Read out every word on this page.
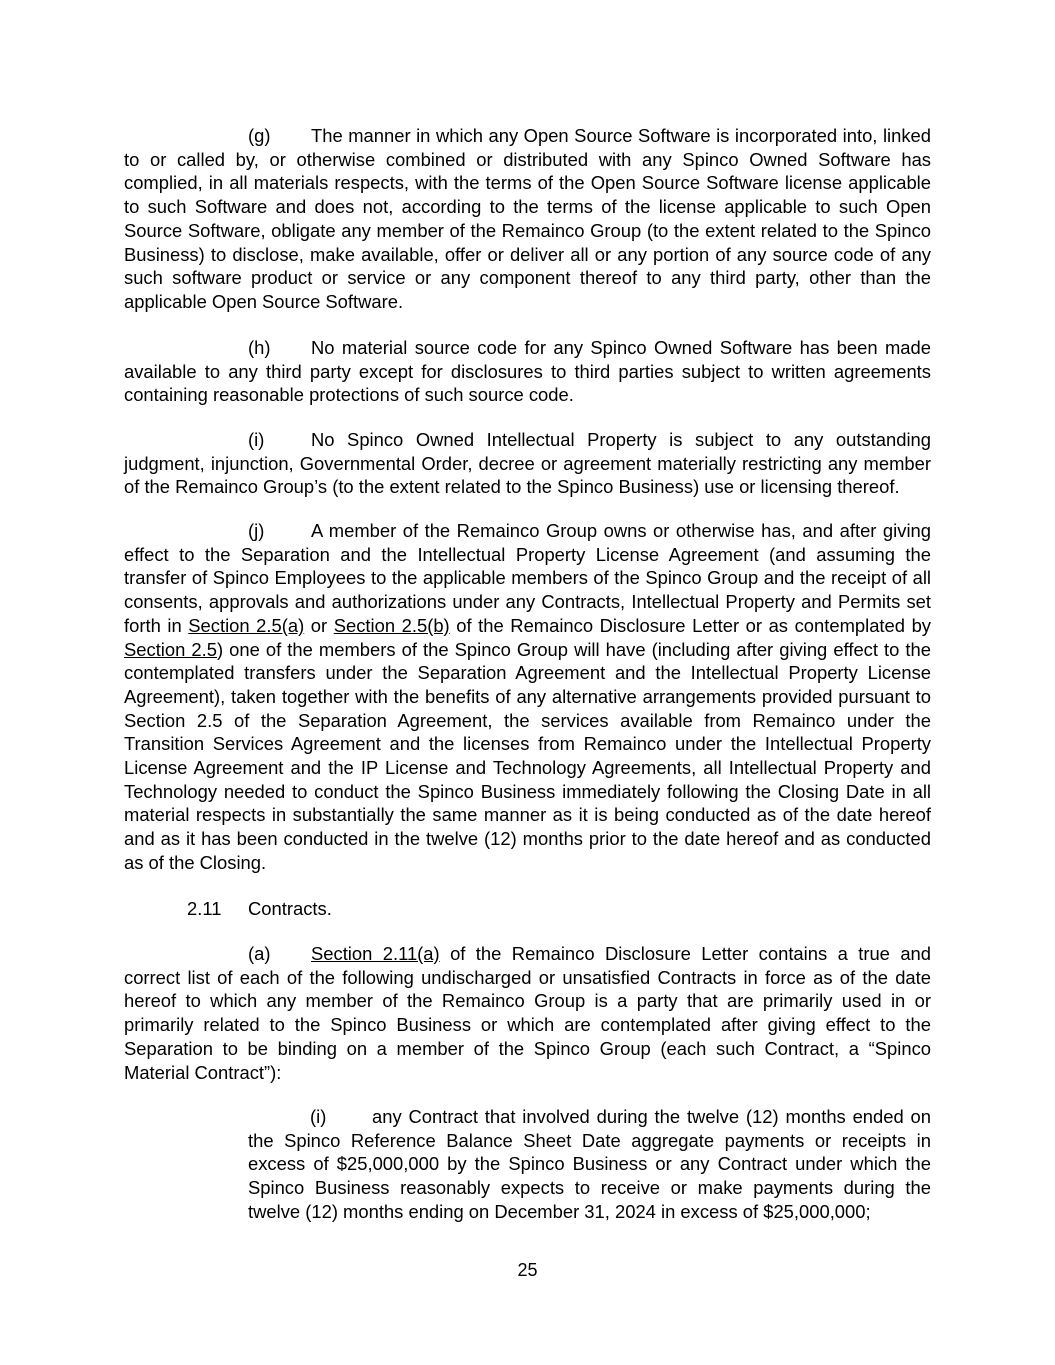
(g) The manner in which any Open Source Software is incorporated into, linked to or called by, or otherwise combined or distributed with any Spinco Owned Software has complied, in all materials respects, with the terms of the Open Source Software license applicable to such Software and does not, according to the terms of the license applicable to such Open Source Software, obligate any member of the Remainco Group (to the extent related to the Spinco Business) to disclose, make available, offer or deliver all or any portion of any source code of any such software product or service or any component thereof to any third party, other than the applicable Open Source Software.

(h) No material source code for any Spinco Owned Software has been made available to any third party except for disclosures to third parties subject to written agreements containing reasonable protections of such source code.

(i)	No Spinco Owned Intellectual Property is subject to any outstanding judgment, injunction, Governmental Order, decree or agreement materially restricting any member of the Remainco Group’s (to the extent related to the Spinco Business) use or licensing thereof.

(j)	A member of the Remainco Group owns or otherwise has, and after giving effect to the Separation and the Intellectual Property License Agreement (and assuming the transfer of Spinco Employees to the applicable members of the Spinco Group and the receipt of all consents, approvals and authorizations under any Contracts, Intellectual Property and Permits set forth in Section 2.5(a) or Section 2.5(b) of the Remainco Disclosure Letter or as contemplated by Section 2.5) one of the members of the Spinco Group will have (including after giving effect to the contemplated transfers under the Separation Agreement and the Intellectual Property License Agreement), taken together with the benefits of any alternative arrangements provided pursuant to Section 2.5 of the Separation Agreement, the services available from Remainco under the Transition Services Agreement and the licenses from Remainco under the Intellectual Property License Agreement and the IP License and Technology Agreements, all Intellectual Property and Technology needed to conduct the Spinco Business immediately following the Closing Date in all material respects in substantially the same manner as it is being conducted as of the date hereof and as it has been conducted in the twelve (12) months prior to the date hereof and as conducted as of the Closing.

2.11 Contracts.

(a) Section 2.11(a) of the Remainco Disclosure Letter contains a true and correct list of each of the following undischarged or unsatisfied Contracts in force as of the date hereof to which any member of the Remainco Group is a party that are primarily used in or primarily related to the Spinco Business or which are contemplated after giving effect to the Separation to be binding on a member of the Spinco Group (each such Contract, a “Spinco Material Contract”):

(i) any Contract that involved during the twelve (12) months ended on the Spinco Reference Balance Sheet Date aggregate payments or receipts in excess of $25,000,000 by the Spinco Business or any Contract under which the Spinco Business reasonably expects to receive or make payments during the twelve (12) months ending on December 31, 2024 in excess of $25,000,000;

25
